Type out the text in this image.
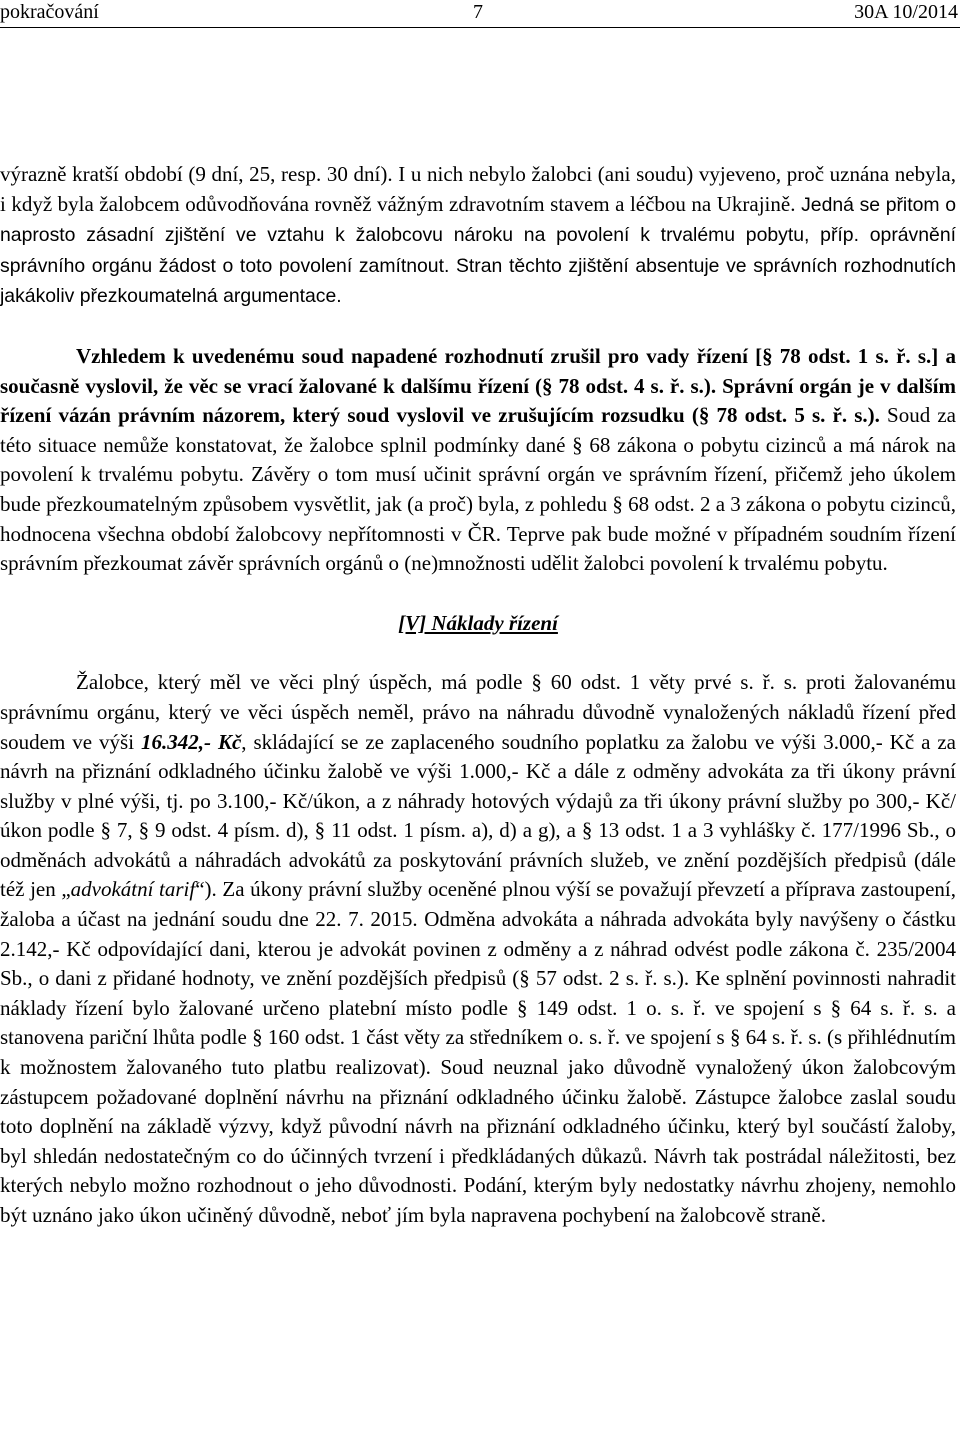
pokračování	7	30A 10/2014

výrazně kratší období (9 dní, 25, resp. 30 dní). I u nich nebylo žalobci (ani soudu) vyjeveno, proč uznána nebyla, i když byla žalobcem odůvodňována rovněž vážným zdravotním stavem a léčbou na Ukrajině. Jedná se přitom o naprosto zásadní zjištění ve vztahu k žalobcovu nároku na povolení k trvalému pobytu, příp. oprávnění správního orgánu žádost o toto povolení zamítnout. Stran těchto zjištění absentuje ve správních rozhodnutích jakákoliv přezkoumatelná argumentace.

Vzhledem k uvedenému soud napadené rozhodnutí zrušil pro vady řízení [§ 78 odst. 1 s. ř. s.] a současně vyslovil, že věc se vrací žalované k dalšímu řízení (§ 78 odst. 4 s. ř. s.). Správní orgán je v dalším řízení vázán právním názorem, který soud vyslovil ve zrušujícím rozsudku (§ 78 odst. 5 s. ř. s.). Soud za této situace nemůže konstatovat, že žalobce splnil podmínky dané § 68 zákona o pobytu cizinců a má nárok na povolení k trvalému pobytu. Závěry o tom musí učinit správní orgán ve správním řízení, přičemž jeho úkolem bude přezkoumatelným způsobem vysvětlit, jak (a proč) byla, z pohledu § 68 odst. 2 a 3 zákona o pobytu cizinců, hodnocena všechna období žalobcovy nepřítomnosti v ČR. Teprve pak bude možné v případném soudním řízení správním přezkoumat závěr správních orgánů o (ne)množnosti udělit žalobci povolení k trvalému pobytu.

[V] Náklady řízení

Žalobce, který měl ve věci plný úspěch, má podle § 60 odst. 1 věty prvé s. ř. s. proti žalovanému správnímu orgánu, který ve věci úspěch neměl, právo na náhradu důvodně vynaložených nákladů řízení před soudem ve výši 16.342,- Kč, skládající se ze zaplaceného soudního poplatku za žalobu ve výši 3.000,- Kč a za návrh na přiznání odkladného účinku žalobě ve výši 1.000,- Kč a dále z odměny advokáta za tři úkony právní služby v plné výši, tj. po 3.100,- Kč/úkon, a z náhrady hotových výdajů za tři úkony právní služby po 300,- Kč/úkon podle § 7, § 9 odst. 4 písm. d), § 11 odst. 1 písm. a), d) a g), a § 13 odst. 1 a 3 vyhlášky č. 177/1996 Sb., o odměnách advokátů a náhradách advokátů za poskytování právních služeb, ve znění pozdějších předpisů (dále též jen „advokátní tarif“). Za úkony právní služby oceněné plnou výší se považují převzetí a příprava zastoupení, žaloba a účast na jednání soudu dne 22. 7. 2015. Odměna advokáta a náhrada advokáta byly navýšeny o částku 2.142,- Kč odpovídající dani, kterou je advokát povinen z odměny a z náhrad odvést podle zákona č. 235/2004 Sb., o dani z přidané hodnoty, ve znění pozdějších předpisů (§ 57 odst. 2 s. ř. s.). Ke splnění povinnosti nahradit náklady řízení bylo žalované určeno platební místo podle § 149 odst. 1 o. s. ř. ve spojení s § 64 s. ř. s. a stanovena pariční lhůta podle § 160 odst. 1 část věty za středníkem o. s. ř. ve spojení s § 64 s. ř. s. (s přihlédnutím k možnostem žalovaného tuto platbu realizovat). Soud neuznal jako důvodně vynaložený úkon žalobcovým zástupcem požadované doplnění návrhu na přiznání odkladného účinku žalobě. Zástupce žalobce zaslal soudu toto doplnění na základě výzvy, když původní návrh na přiznání odkladného účinku, který byl součástí žaloby, byl shledán nedostatečným co do účinných tvrzení i předkládaných důkazů. Návrh tak postrádal náležitosti, bez kterých nebylo možno rozhodnout o jeho důvodnosti. Podání, kterým byly nedostatky návrhu zhojeny, nemohlo být uznáno jako úkon učiněný důvodně, neboť jím byla napravena pochybení na žalobcově straně.
